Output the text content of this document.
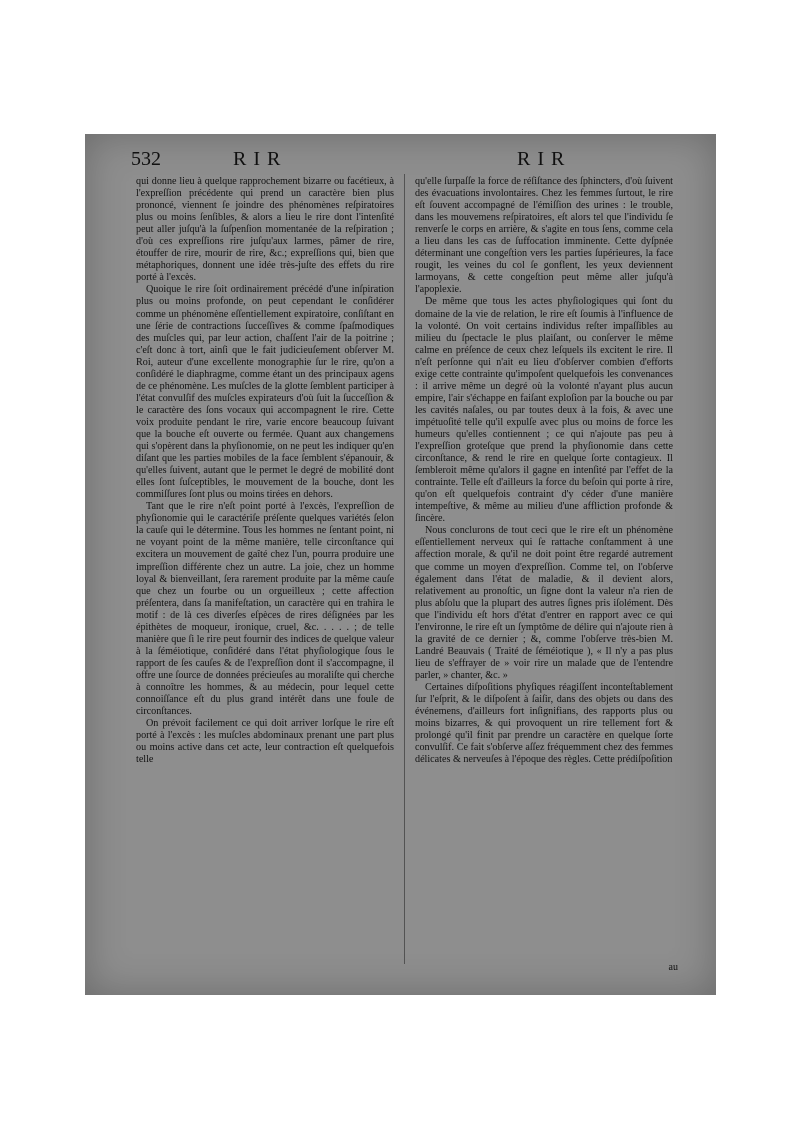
532	RIR	RIR

qui donne lieu à quelque rapprochement bizarre ou facétieux, à l'expreſſion précédente qui prend un caractère bien plus prononcé, viennent ſe joindre des phénomènes reſpiratoires plus ou moins ſenſibles, & alors a lieu le rire dont l'intenſité peut aller juſqu'à la ſuſpenſion momentanée de la reſpiration ; d'où ces expreſſions rire juſqu'aux larmes, pâmer de rire, étouffer de rire, mourir de rire, &c.; expreſſions qui, bien que métaphoriques, donnent une idée très-juſte des effets du rire porté à l'excès.

Quoique le rire ſoit ordinairement précédé d'une inſpiration plus ou moins profonde, on peut cependant le conſidérer comme un phénomène eſſentiellement expiratoire, conſiſtant en une ſérie de contractions ſucceſſives & comme ſpaſmodiques des muſcles qui, par leur action, chaſſent l'air de la poitrine ; c'eſt donc à tort, ainſi que le fait judicieuſement obſerver M. Roi, auteur d'une excellente monographie ſur le rire, qu'on a conſidéré le diaphragme, comme étant un des principaux agens de ce phénomène. Les muſcles de la glotte ſemblent participer à l'état convulſif des muſcles expirateurs d'où ſuit la ſucceſſion & le caractère des ſons vocaux qui accompagnent le rire. Cette voix produite pendant le rire, varie encore beaucoup ſuivant que la bouche eſt ouverte ou fermée. Quant aux changemens qui s'opèrent dans la phyſionomie, on ne peut les indiquer qu'en diſant que les parties mobiles de la face ſemblent s'épanouir, & qu'elles ſuivent, autant que le permet le degré de mobilité dont elles ſont ſuſceptibles, le mouvement de la bouche, dont les commiſſures ſont plus ou moins tirées en dehors.

Tant que le rire n'eſt point porté à l'excès, l'expreſſion de phyſionomie qui le caractériſe préſente quelques variétés ſelon la cauſe qui le détermine. Tous les hommes ne ſentant point, ni ne voyant point de la même manière, telle circonſtance qui excitera un mouvement de gaîté chez l'un, pourra produire une impreſſion différente chez un autre. La joie, chez un homme loyal & bienveillant, ſera rarement produite par la même cauſe que chez un fourbe ou un orgueilleux ; cette affection préſentera, dans ſa manifeſtation, un caractère qui en trahira le motif : de là ces diverſes eſpèces de rires déſignées par les épithètes de moqueur, ironique, cruel, &c. . . . . ; de telle manière que ſi le rire peut fournir des indices de quelque valeur à la ſéméiotique, conſidéré dans l'état phyſiologique ſous le rapport de ſes cauſes & de l'expreſſion dont il s'accompagne, il offre une ſource de données précieuſes au moraliſte qui cherche à connoître les hommes, & au médecin, pour lequel cette connoiſſance eſt du plus grand intérêt dans une foule de circonſtances.

On prévoit facilement ce qui doit arriver lorſque le rire eſt porté à l'excès : les muſcles abdominaux prenant une part plus ou moins active dans cet acte, leur contraction eſt quelquefois telle

qu'elle ſurpaſſe la force de réſiſtance des ſphincters, d'où ſuivent des évacuations involontaires. Chez les femmes ſurtout, le rire eſt ſouvent accompagné de l'émiſſion des urines : le trouble, dans les mouvemens reſpiratoires, eſt alors tel que l'individu ſe renverſe le corps en arrière, & s'agite en tous ſens, comme cela a lieu dans les cas de ſuffocation imminente. Cette dyſpnée déterminant une congeſtion vers les parties ſupérieures, la face rougit, les veines du col ſe gonflent, les yeux deviennent larmoyans, & cette congeſtion peut même aller juſqu'à l'apoplexie.

De même que tous les actes phyſiologiques qui ſont du domaine de la vie de relation, le rire eſt ſoumis à l'influence de la volonté. On voit certains individus reſter impaſſibles au milieu du ſpectacle le plus plaiſant, ou conſerver le même calme en préſence de ceux chez leſquels ils excitent le rire. Il n'eſt perſonne qui n'ait eu lieu d'obſerver combien d'efforts exige cette contrainte qu'impoſent quelquefois les convenances : il arrive même un degré où la volonté n'ayant plus aucun empire, l'air s'échappe en faiſant exploſion par la bouche ou par les cavités naſales, ou par toutes deux à la fois, & avec une impétuoſité telle qu'il expulſe avec plus ou moins de force les humeurs qu'elles contiennent ; ce qui n'ajoute pas peu à l'expreſſion groteſque que prend la phyſionomie dans cette circonſtance, & rend le rire en quelque ſorte contagieux. Il ſembleroit même qu'alors il gagne en intenſité par l'effet de la contrainte. Telle eſt d'ailleurs la force du beſoin qui porte à rire, qu'on eſt quelquefois contraint d'y céder d'une manière intempeſtive, & même au milieu d'une affliction profonde & ſincère.

Nous conclurons de tout ceci que le rire eſt un phénomène eſſentiellement nerveux qui ſe rattache conſtamment à une affection morale, & qu'il ne doit point être regardé autrement que comme un moyen d'expreſſion. Comme tel, on l'obſerve également dans l'état de maladie, & il devient alors, relativement au pronoſtic, un ſigne dont la valeur n'a rien de plus abſolu que la plupart des autres ſignes pris iſolément. Dès que l'individu eſt hors d'état d'entrer en rapport avec ce qui l'environne, le rire eſt un ſymptôme de délire qui n'ajoute rien à la gravité de ce dernier ; &, comme l'obſerve très-bien M. Landré Beauvais ( Traité de ſéméiotique ), « Il n'y a pas plus lieu de s'effrayer de » voir rire un malade que de l'entendre parler, » chanter, &c. »

Certaines diſpoſitions phyſiques réagiſſent inconteſtablement ſur l'eſprit, & le diſpoſent à ſaiſir, dans des objets ou dans des événemens, d'ailleurs fort inſignifians, des rapports plus ou moins bizarres, & qui provoquent un rire tellement fort & prolongé qu'il finit par prendre un caractère en quelque ſorte convulſif. Ce fait s'obſerve aſſez fréquemment chez des femmes délicates & nerveuſes à l'époque des règles. Cette prédiſpoſition

au
